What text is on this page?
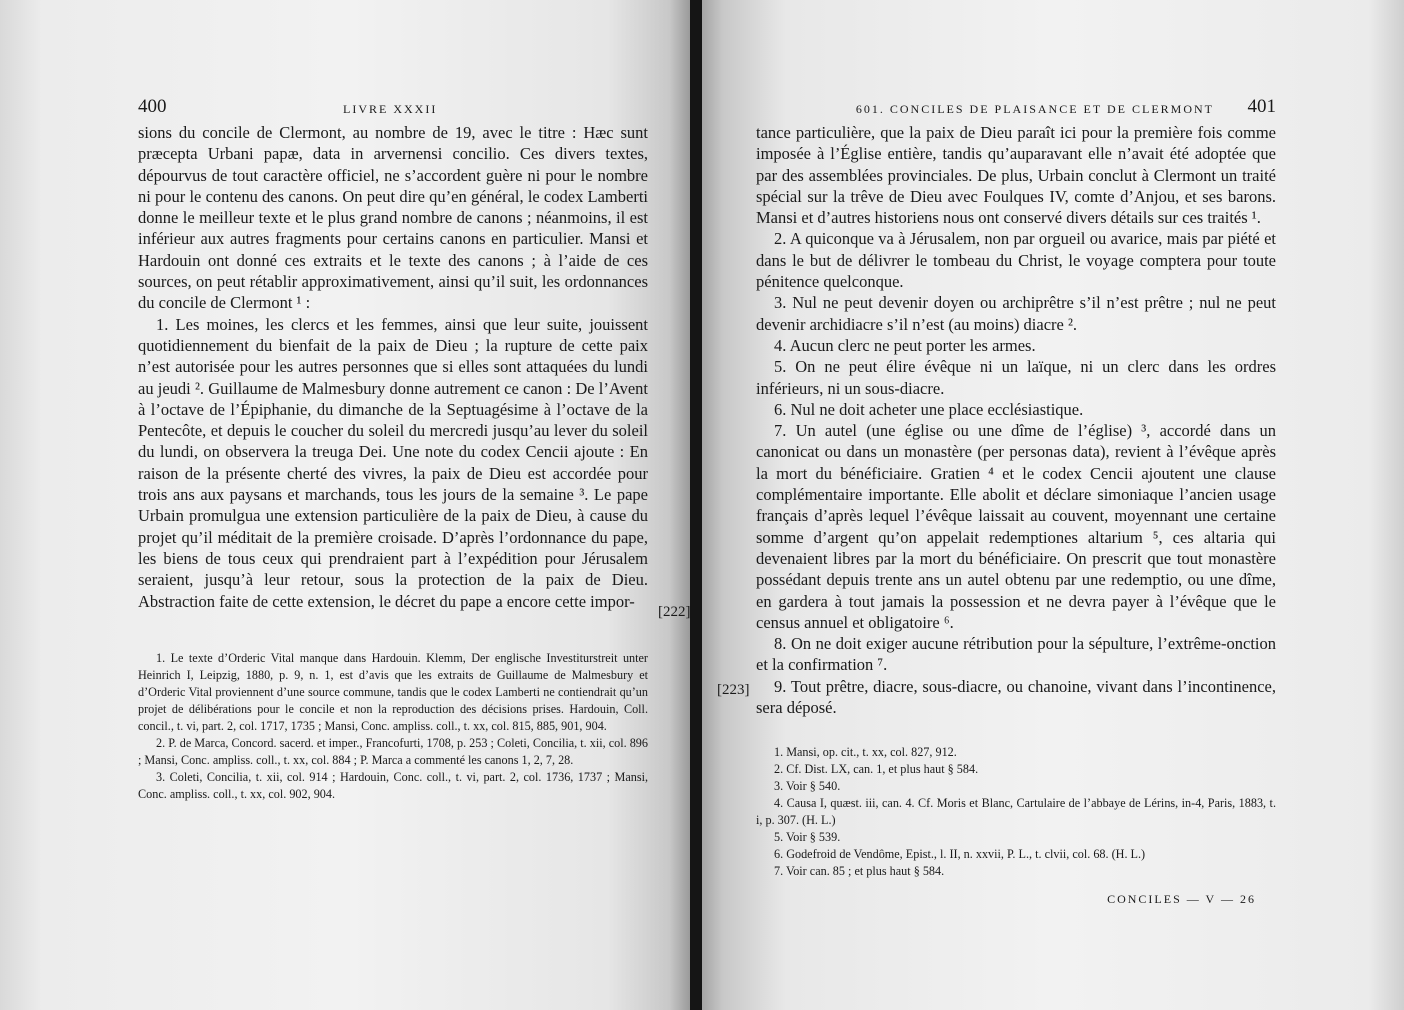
400	LIVRE XXXII

sions du concile de Clermont, au nombre de 19, avec le titre : Hæc sunt præcepta Urbani papæ, data in arvernensi concilio. Ces divers textes, dépourvus de tout caractère officiel, ne s’accordent guère ni pour le nombre ni pour le contenu des canons. On peut dire qu’en général, le codex Lamberti donne le meilleur texte et le plus grand nombre de canons ; néanmoins, il est inférieur aux autres fragments pour certains canons en particulier. Mansi et Hardouin ont donné ces extraits et le texte des canons ; à l’aide de ces sources, on peut rétablir approximativement, ainsi qu’il suit, les ordonnances du concile de Clermont ¹ :

1. Les moines, les clercs et les femmes, ainsi que leur suite, jouissent quotidiennement du bienfait de la paix de Dieu ; la rupture de cette paix n’est autorisée pour les autres personnes que si elles sont attaquées du lundi au jeudi ². Guillaume de Malmesbury donne autrement ce canon : De l’Avent à l’octave de l’Épiphanie, du dimanche de la Septuagésime à l’octave de la Pentecôte, et depuis le coucher du soleil du mercredi jusqu’au lever du soleil du lundi, on observera la treuga Dei. Une note du codex Cencii ajoute : En raison de la présente cherté des vivres, la paix de Dieu est accordée pour trois ans aux paysans et marchands, tous les jours de la semaine ³. Le pape Urbain promulgua une extension particulière de la paix de Dieu, à cause du projet qu’il méditait de la première croisade. D’après l’ordonnance du pape, les biens de tous ceux qui prendraient part à l’expédition pour Jérusalem seraient, jusqu’à leur retour, sous la protection de la paix de Dieu. Abstraction faite de cette extension, le décret du pape a encore cette impor-

1. Le texte d’Orderic Vital manque dans Hardouin. Klemm, Der englische Investiturstreit unter Heinrich I, Leipzig, 1880, p. 9, n. 1, est d’avis que les extraits de Guillaume de Malmesbury et d’Orderic Vital proviennent d’une source commune, tandis que le codex Lamberti ne contiendrait qu’un projet de délibérations pour le concile et non la reproduction des décisions prises. Hardouin, Coll. concil., t. vi, part. 2, col. 1717, 1735 ; Mansi, Conc. ampliss. coll., t. xx, col. 815, 885, 901, 904.

2. P. de Marca, Concord. sacerd. et imper., Francofurti, 1708, p. 253 ; Coleti, Concilia, t. xii, col. 896 ; Mansi, Conc. ampliss. coll., t. xx, col. 884 ; P. Marca a commenté les canons 1, 2, 7, 28.

3. Coleti, Concilia, t. xii, col. 914 ; Hardouin, Conc. coll., t. vi, part. 2, col. 1736, 1737 ; Mansi, Conc. ampliss. coll., t. xx, col. 902, 904.

601. CONCILES DE PLAISANCE ET DE CLERMONT 401

tance particulière, que la paix de Dieu paraît ici pour la première fois comme imposée à l’Église entière, tandis qu’auparavant elle n’avait été adoptée que par des assemblées provinciales. De plus, Urbain conclut à Clermont un traité spécial sur la trêve de Dieu avec Foulques IV, comte d’Anjou, et ses barons. Mansi et d’autres historiens nous ont conservé divers détails sur ces traités ¹.

2. A quiconque va à Jérusalem, non par orgueil ou avarice, mais par piété et dans le but de délivrer le tombeau du Christ, le voyage comptera pour toute pénitence quelconque.

3. Nul ne peut devenir doyen ou archiprêtre s’il n’est prêtre ; nul ne peut devenir archidiacre s’il n’est (au moins) diacre ².

4. Aucun clerc ne peut porter les armes.

5. On ne peut élire évêque ni un laïque, ni un clerc dans les ordres inférieurs, ni un sous-diacre.

6. Nul ne doit acheter une place ecclésiastique.

7. Un autel (une église ou une dîme de l’église) ³, accordé dans un canonicat ou dans un monastère (per personas data), revient à l’évêque après la mort du bénéficiaire. Gratien ⁴ et le codex Cencii ajoutent une clause complémentaire importante. Elle abolit et déclare simoniaque l’ancien usage français d’après lequel l’évêque laissait au couvent, moyennant une certaine somme d’argent qu’on appelait redemptiones altarium ⁵, ces altaria qui devenaient libres par la mort du bénéficiaire. On prescrit que tout monastère possédant depuis trente ans un autel obtenu par une redemptio, ou une dîme, en gardera à tout jamais la possession et ne devra payer à l’évêque que le census annuel et obligatoire ⁶.

8. On ne doit exiger aucune rétribution pour la sépulture, l’extrême-onction et la confirmation ⁷.

9. Tout prêtre, diacre, sous-diacre, ou chanoine, vivant dans l’incontinence, sera déposé.

1. Mansi, op. cit., t. xx, col. 827, 912.

2. Cf. Dist. LX, can. 1, et plus haut § 584.

3. Voir § 540.

4. Causa I, quæst. iii, can. 4. Cf. Moris et Blanc, Cartulaire de l’abbaye de Lérins, in-4, Paris, 1883, t. i, p. 307. (H. L.)

5. Voir § 539.

6. Godefroid de Vendôme, Epist., l. II, n. xxvii, P. L., t. clvii, col. 68. (H. L.)

7. Voir can. 85 ; et plus haut § 584.

CONCILES — V — 26
[222]
[223]
